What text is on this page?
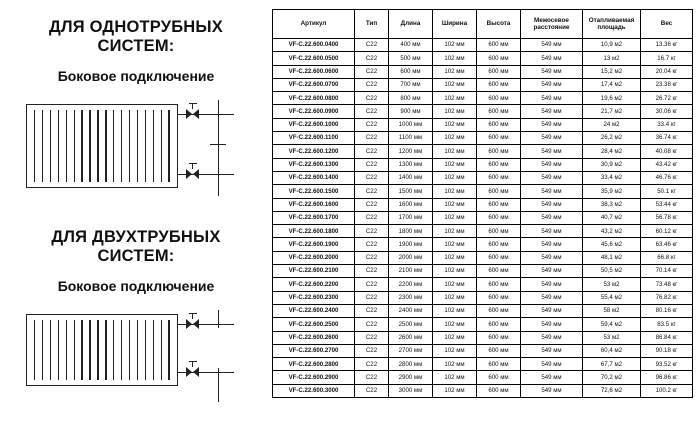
ДЛЯ ОДНОТРУБНЫХ СИСТЕМ:
Боковое подключение
ДЛЯ ДВУХТРУБНЫХ СИСТЕМ:
Боковое подключение
Артикул	Тип	Длина	Ширина	Высота	Межосевое расстояние	Отапливаемая площадь	Вес
VF-C.22.600.0400	C22	400 мм	102 мм	600 мм	549 мм	10,9 м2	13.36 кг
VF-C.22.600.0500	C22	500 мм	102 мм	600 мм	549 мм	13 м2	16.7 кг
VF-C.22.600.0600	C22	600 мм	102 мм	600 мм	549 мм	15,2 м2	20.04 кг
VF-C.22.600.0700	C22	700 мм	102 мм	600 мм	549 мм	17,4 м2	23.38 кг
VF-C.22.600.0800	C22	800 мм	102 мм	600 мм	549 мм	19,6 м2	26.72 кг
VF-C.22.600.0900	C22	900 мм	102 мм	600 мм	549 мм	21,7 м2	30.06 кг
VF-C.22.600.1000	C22	1000 мм	102 мм	600 мм	549 мм	24 м2	33.4 кг
VF-C.22.600.1100	C22	1100 мм	102 мм	600 мм	549 мм	26,2 м2	36.74 кг
VF-C.22.600.1200	C22	1200 мм	102 мм	600 мм	549 мм	28,4 м2	40.08 кг
VF-C.22.600.1300	C22	1300 мм	102 мм	600 мм	549 мм	30,9 м2	43.42 кг
VF-C.22.600.1400	C22	1400 мм	102 мм	600 мм	549 мм	33,4 м2	46.76 кг
VF-C.22.600.1500	C22	1500 мм	102 мм	600 мм	549 мм	35,9 м2	50.1 кг
VF-C.22.600.1600	C22	1600 мм	102 мм	600 мм	549 мм	38,3 м2	53.44 кг
VF-C.22.600.1700	C22	1700 мм	102 мм	600 мм	549 мм	40,7 м2	56.78 кг
VF-C.22.600.1800	C22	1800 мм	102 мм	600 мм	549 мм	43,2 м2	60.12 кг
VF-C.22.600.1900	C22	1900 мм	102 мм	600 мм	549 мм	45,6 м2	63.46 кг
VF-C.22.600.2000	C22	2000 мм	102 мм	600 мм	549 мм	48,1 м2	66.8 кг
VF-C.22.600.2100	C22	2100 мм	102 мм	600 мм	549 мм	50,5 м2	70.14 кг
VF-C.22.600.2200	C22	2200 мм	102 мм	600 мм	549 мм	53 м2	73.48 кг
VF-C.22.600.2300	C22	2300 мм	102 мм	600 мм	549 мм	55,4 м2	76.82 кг
VF-C.22.600.2400	C22	2400 мм	102 мм	600 мм	549 мм	58 м2	80.16 кг
VF-C.22.600.2500	C22	2500 мм	102 мм	600 мм	549 мм	59,4 м2	83.5 кг
VF-C.22.600.2600	C22	2600 мм	102 мм	600 мм	549 мм	53 м2	86.84 кг
VF-C.22.600.2700	C22	2700 мм	102 мм	600 мм	549 мм	60,4 м2	90.18 кг
VF-C.22.600.2800	C22	2800 мм	102 мм	600 мм	549 мм	67,7 м2	93.52 кг
VF-C.22.600.2900	C22	2900 мм	102 мм	600 мм	549 мм	70,2 м2	96.86 кг
VF-C.22.600.3000	C22	3000 мм	102 мм	600 мм	549 мм	72,6 м2	100.2 кг
